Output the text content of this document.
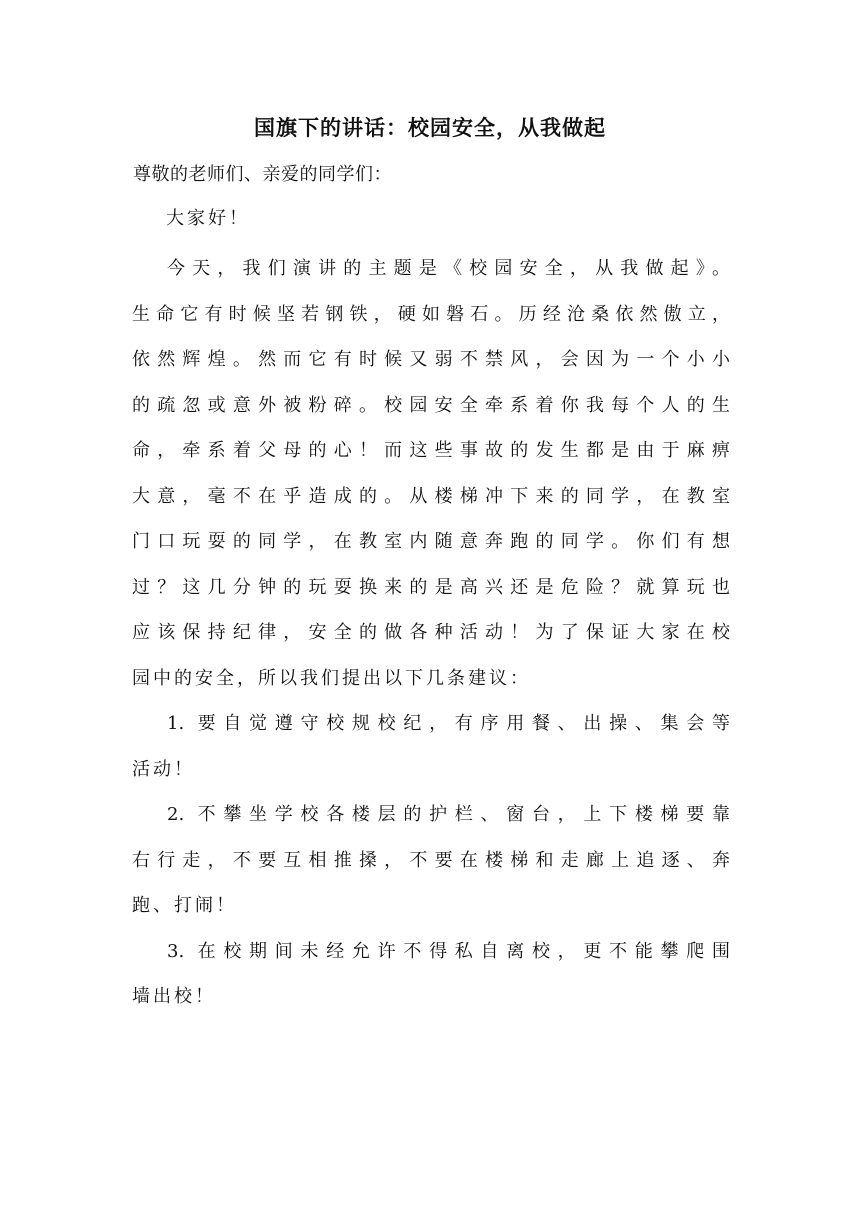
国旗下的讲话：校园安全，从我做起
尊敬的老师们、亲爱的同学们：
大家好！
今天，我们演讲的主题是《校园安全，从我做起》。
生命它有时候坚若钢铁，硬如磐石。历经沧桑依然傲立，
依然辉煌。然而它有时候又弱不禁风，会因为一个小小
的疏忽或意外被粉碎。校园安全牵系着你我每个人的生
命，牵系着父母的心！而这些事故的发生都是由于麻痹
大意，毫不在乎造成的。从楼梯冲下来的同学，在教室
门口玩耍的同学，在教室内随意奔跑的同学。你们有想
过？这几分钟的玩耍换来的是高兴还是危险？就算玩也
应该保持纪律，安全的做各种活动！为了保证大家在校
园中的安全，所以我们提出以下几条建议：
1. 要自觉遵守校规校纪，有序用餐、出操、集会等
活动！
2. 不攀坐学校各楼层的护栏、窗台，上下楼梯要靠
右行走，不要互相推搡，不要在楼梯和走廊上追逐、奔
跑、打闹！
3. 在校期间未经允许不得私自离校，更不能攀爬围
墙出校！
